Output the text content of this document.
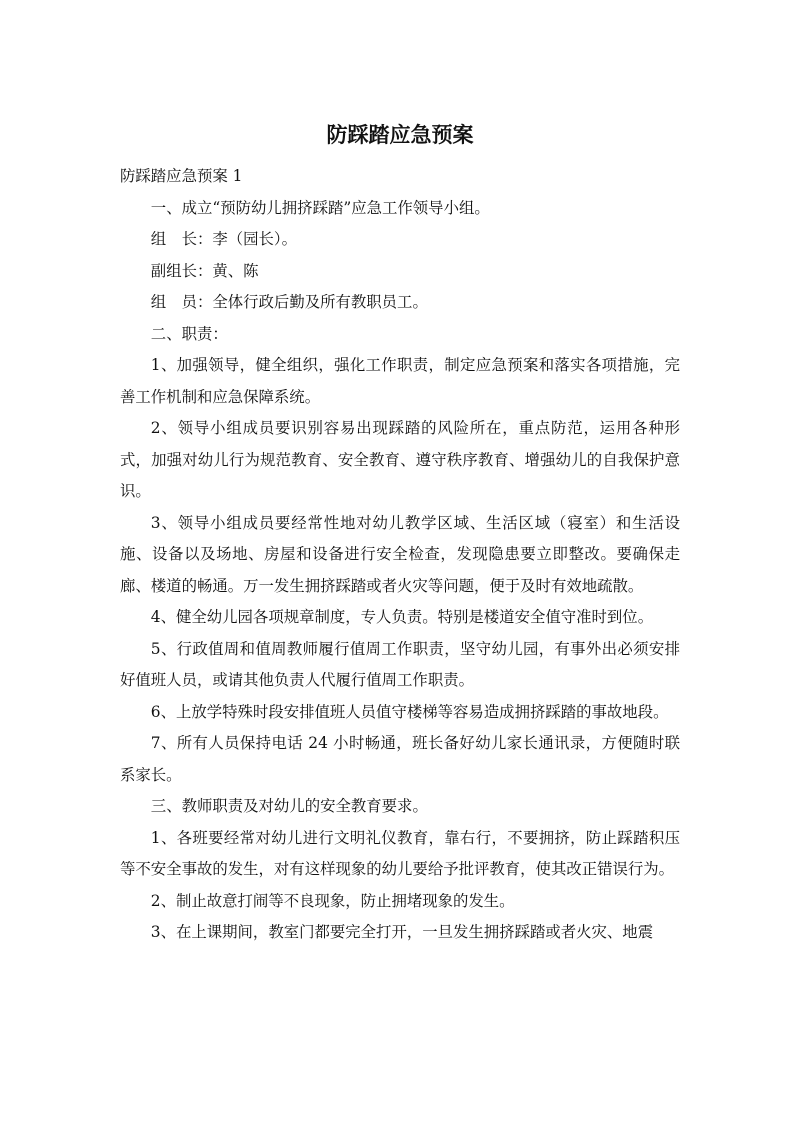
防踩踏应急预案

防踩踏应急预案 1

一、成立“预防幼儿拥挤踩踏”应急工作领导小组。

组　长：李（园长）。

副组长：黄、陈

组　员：全体行政后勤及所有教职员工。

二、职责：

1、加强领导，健全组织，强化工作职责，制定应急预案和落实各项措施，完善工作机制和应急保障系统。

2、领导小组成员要识别容易出现踩踏的风险所在，重点防范，运用各种形式，加强对幼儿行为规范教育、安全教育、遵守秩序教育、增强幼儿的自我保护意识。

3、领导小组成员要经常性地对幼儿教学区域、生活区域（寝室）和生活设施、设备以及场地、房屋和设备进行安全检查，发现隐患要立即整改。要确保走廊、楼道的畅通。万一发生拥挤踩踏或者火灾等问题，便于及时有效地疏散。

4、健全幼儿园各项规章制度，专人负责。特别是楼道安全值守准时到位。

5、行政值周和值周教师履行值周工作职责，坚守幼儿园，有事外出必须安排好值班人员，或请其他负责人代履行值周工作职责。

6、上放学特殊时段安排值班人员值守楼梯等容易造成拥挤踩踏的事故地段。

7、所有人员保持电话 24 小时畅通，班长备好幼儿家长通讯录，方便随时联系家长。

三、教师职责及对幼儿的安全教育要求。

1、各班要经常对幼儿进行文明礼仪教育，靠右行，不要拥挤，防止踩踏积压等不安全事故的发生，对有这样现象的幼儿要给予批评教育，使其改正错误行为。

2、制止故意打闹等不良现象，防止拥堵现象的发生。

3、在上课期间，教室门都要完全打开，一旦发生拥挤踩踏或者火灾、地震
